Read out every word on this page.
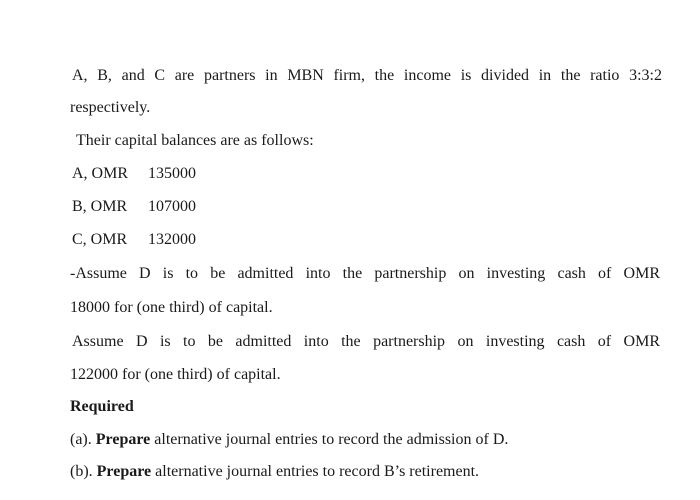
A, B, and C are partners in MBN firm, the income is divided in the ratio 3:3:2
respectively.
Their capital balances are as follows:
A, OMR 135000
B, OMR 107000
C, OMR 132000
-Assume D is to be admitted into the partnership on investing cash of OMR
18000 for (one third) of capital.
Assume D is to be admitted into the partnership on investing cash of OMR
122000 for (one third) of capital.
Required
(a). Prepare alternative journal entries to record the admission of D.
(b). Prepare alternative journal entries to record B’s retirement.
